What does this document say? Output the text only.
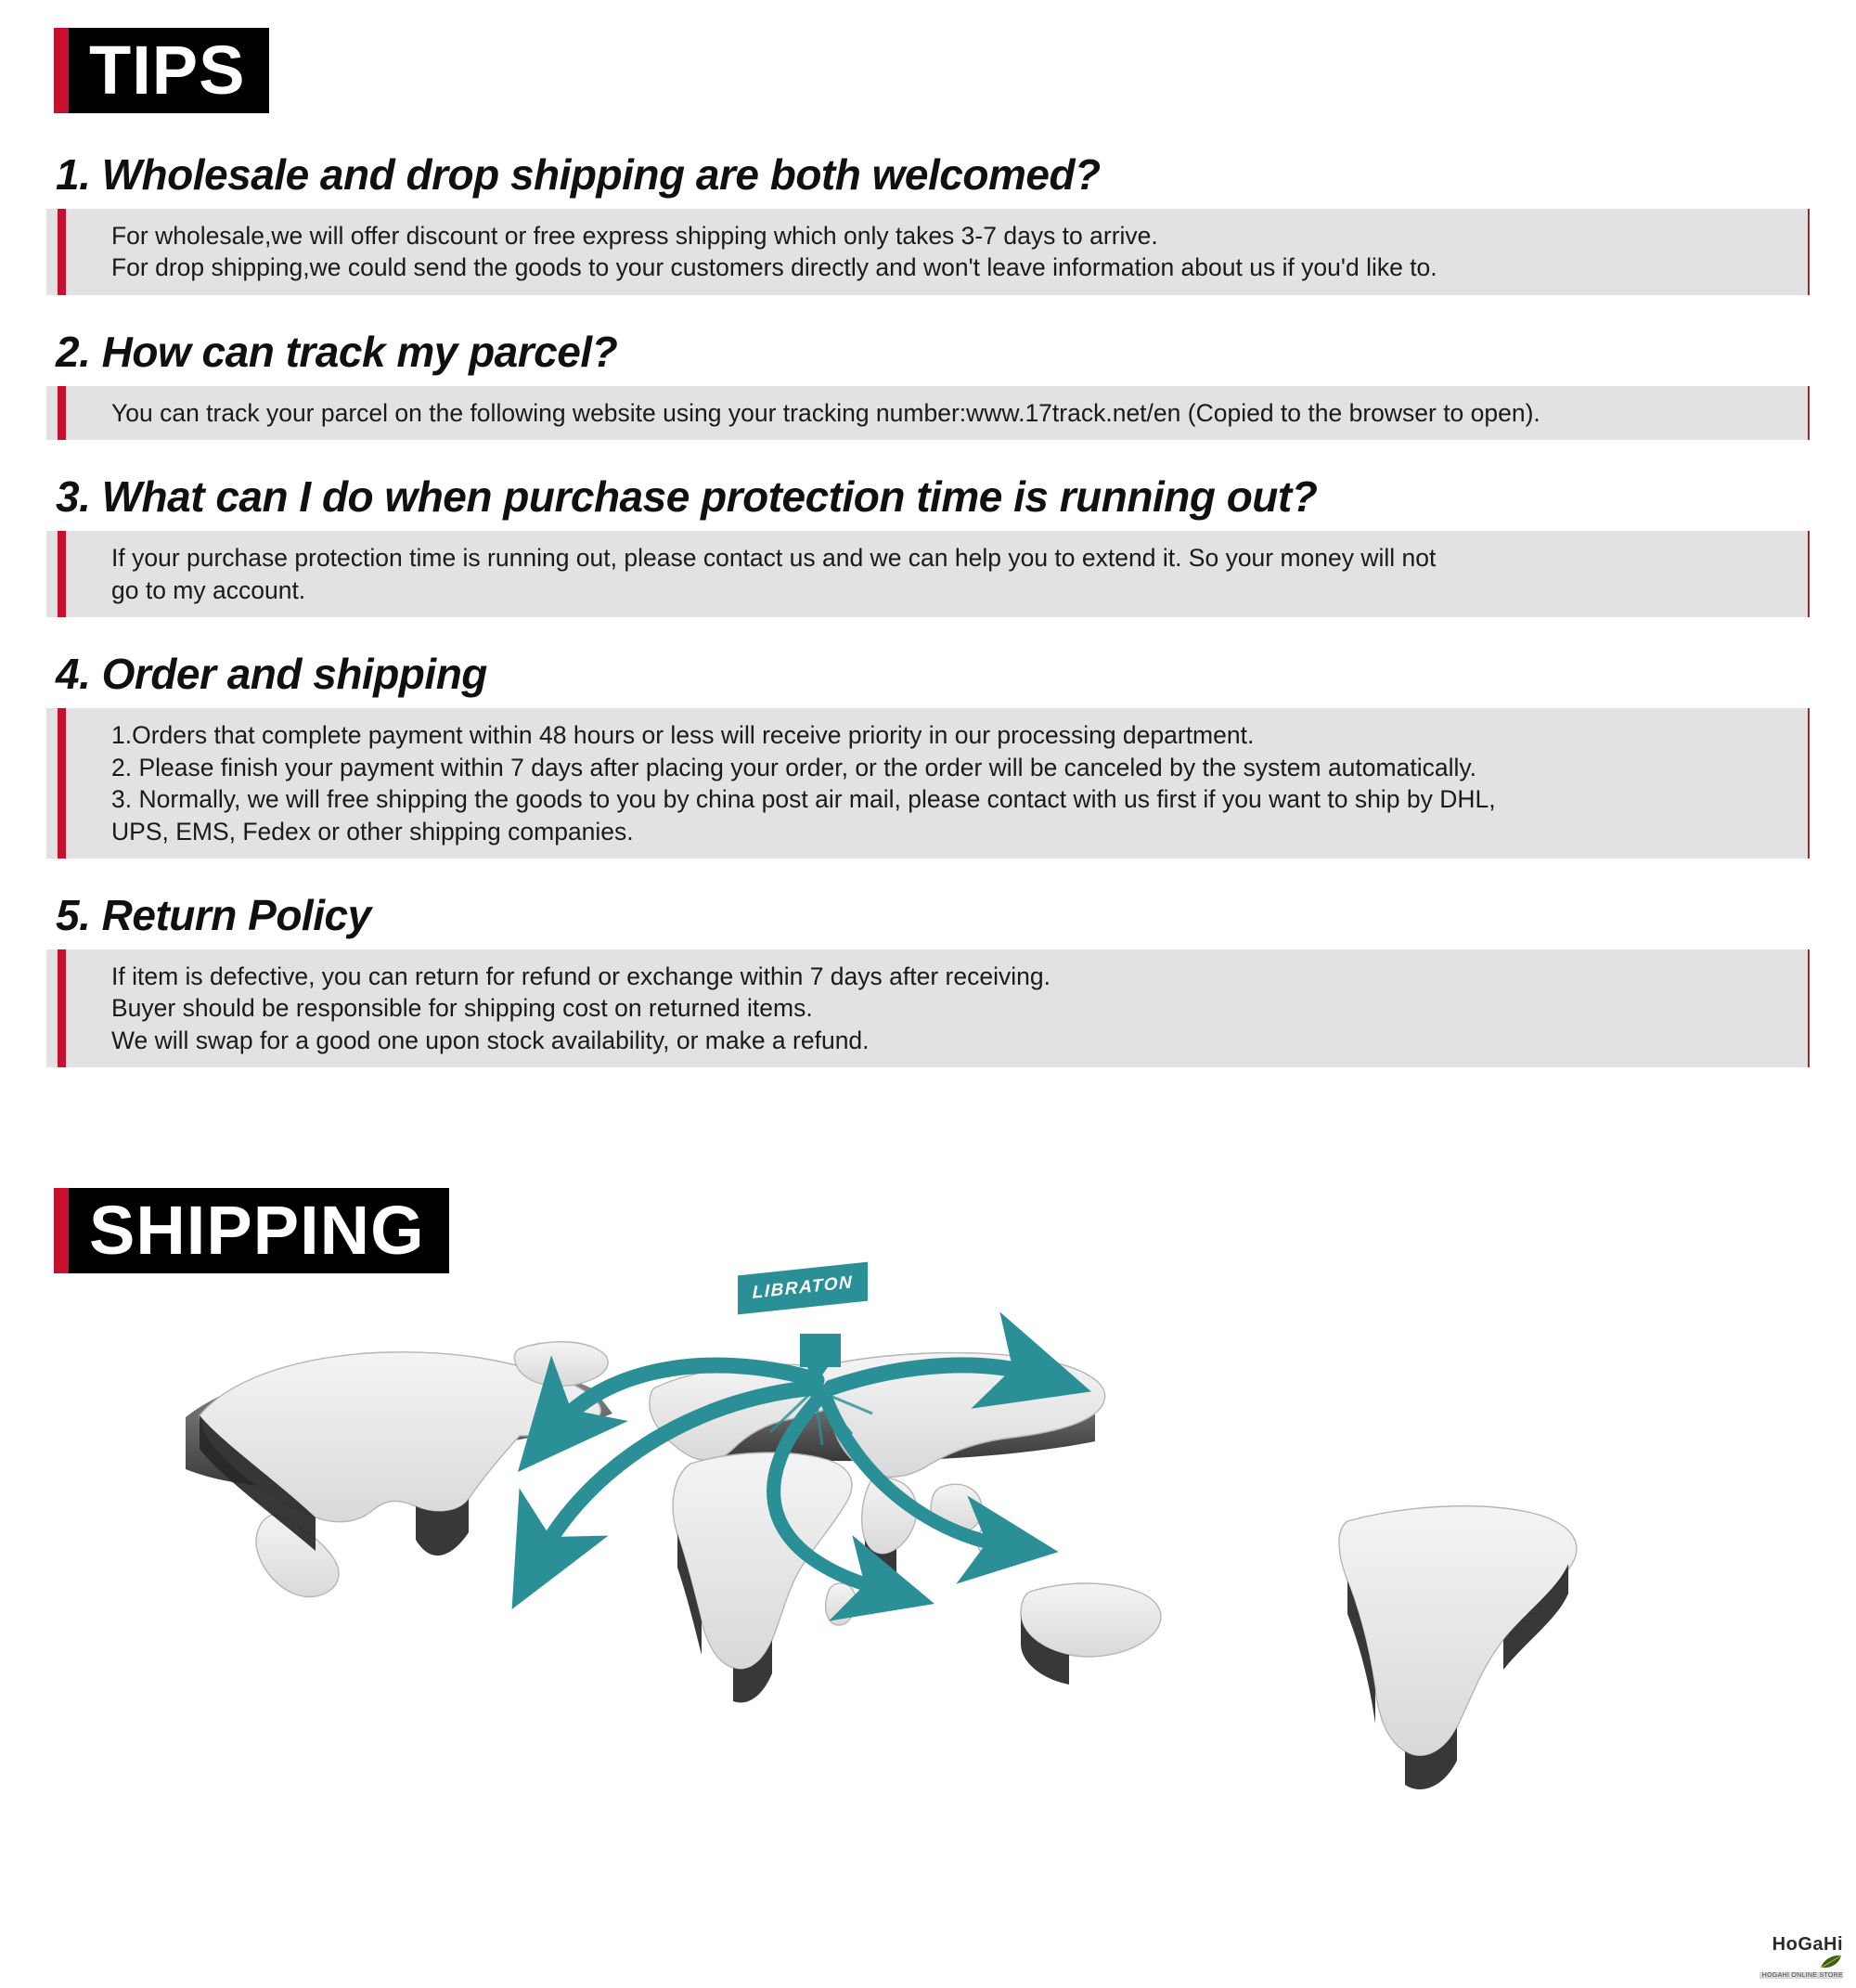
TIPS
1. Wholesale and drop shipping are both welcomed?
For wholesale,we will offer discount or free express shipping which only takes 3-7 days to arrive.
For drop shipping,we could send the goods to your customers directly and won't leave information about us if you'd like to.
2. How can track my parcel?
You can track your parcel on the following website using your tracking number:www.17track.net/en (Copied to the browser to open).
3. What can I do when purchase protection time is running out?
If your purchase protection time is running out, please contact us and we can help you to extend it. So your money will not
go to my account.
4. Order and shipping
1.Orders that complete payment within 48 hours or less will receive priority in our processing department.
2. Please finish your payment within 7 days after placing your order, or the order will be canceled by the system automatically.
3. Normally, we will free shipping the goods to you by china post air mail, please contact with us first if you want to ship by DHL,
UPS, EMS, Fedex or other shipping companies.
5. Return Policy
If item is defective, you can return for refund or exchange within 7 days after receiving.
Buyer should be responsible for shipping cost on returned items.
We will swap for a good one upon stock availability, or make a refund.
SHIPPING
LIBRATON
HoGaHi
HOGAHI ONLINE STORE
